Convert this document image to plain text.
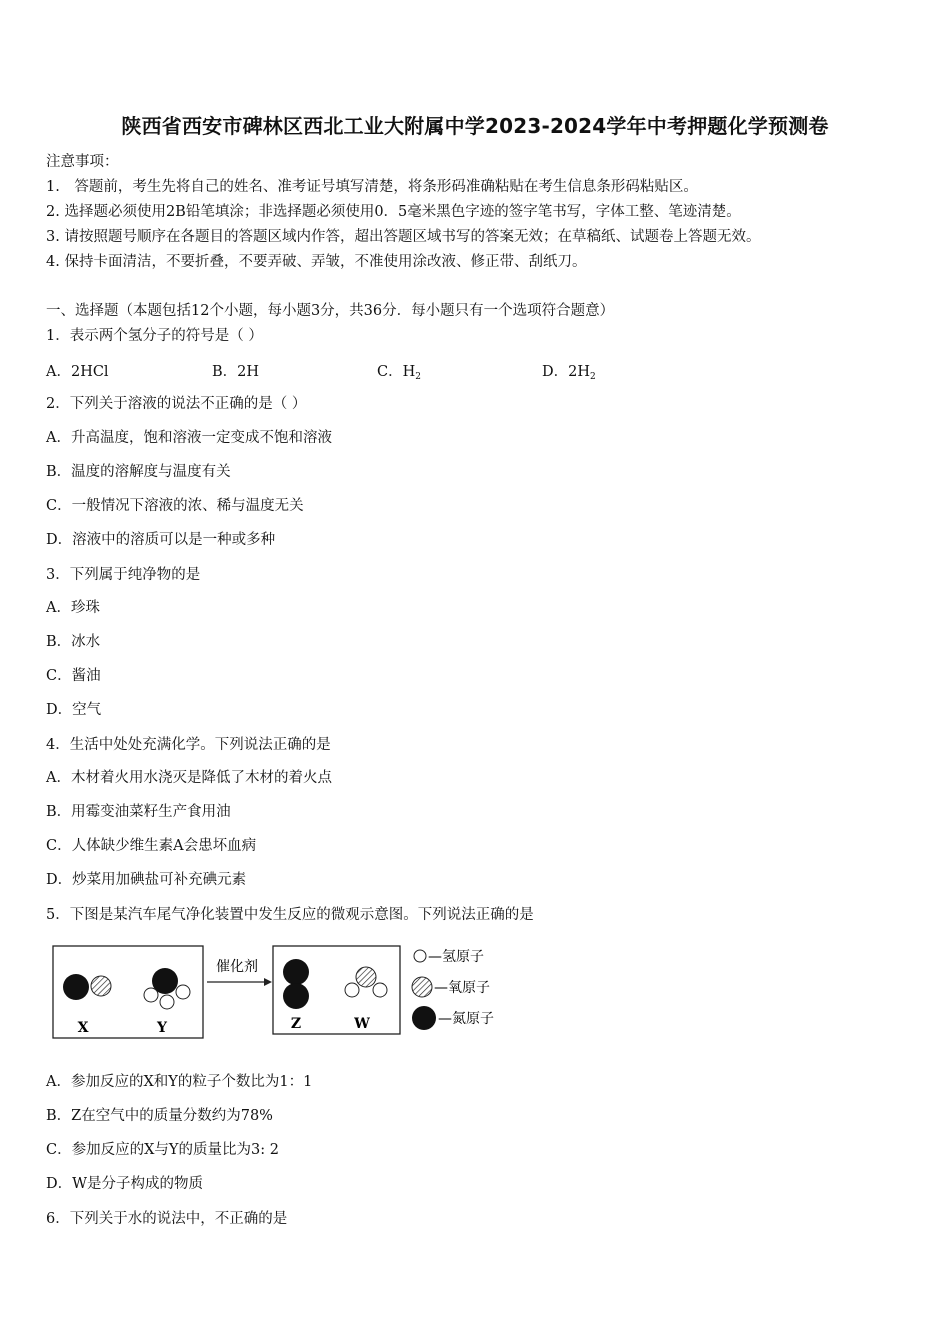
陕西省西安市碑林区西北工业大附属中学2023-2024学年中考押题化学预测卷
注意事项：
1.　答题前，考生先将自己的姓名、准考证号填写清楚，将条形码准确粘贴在考生信息条形码粘贴区。
2. 选择题必须使用2B铅笔填涂；非选择题必须使用0．5毫米黑色字迹的签字笔书写，字体工整、笔迹清楚。
3. 请按照题号顺序在各题目的答题区域内作答，超出答题区域书写的答案无效；在草稿纸、试题卷上答题无效。
4. 保持卡面清洁，不要折叠，不要弄破、弄皱，不准使用涂改液、修正带、刮纸刀。
一、选择题（本题包括12个小题，每小题3分，共36分．每小题只有一个选项符合题意）
1．表示两个氢分子的符号是（ ）
A．2HCl	B．2H	C．$H_2$	D．$2H_2$
2．下列关于溶液的说法不正确的是（ ）
A．升高温度，饱和溶液一定变成不饱和溶液
B．温度的溶解度与温度有关
C．一般情况下溶液的浓、稀与温度无关
D．溶液中的溶质可以是一种或多种
3．下列属于纯净物的是
A．珍珠
B．冰水
C．酱油
D．空气
4．生活中处处充满化学。下列说法正确的是
A．木材着火用水浇灭是降低了木材的着火点
B．用霉变油菜籽生产食用油
C．人体缺少维生素A会患坏血病
D．炒菜用加碘盐可补充碘元素
5．下图是某汽车尾气净化装置中发生反应的微观示意图。下列说法正确的是
X	Y
催化剂
Z	W
—氢原子
—氧原子
—氮原子
A．参加反应的X和Y的粒子个数比为1：1
B．Z在空气中的质量分数约为78%
C．参加反应的X与Y的质量比为3: 2
D．W是分子构成的物质
6．下列关于水的说法中，不正确的是
